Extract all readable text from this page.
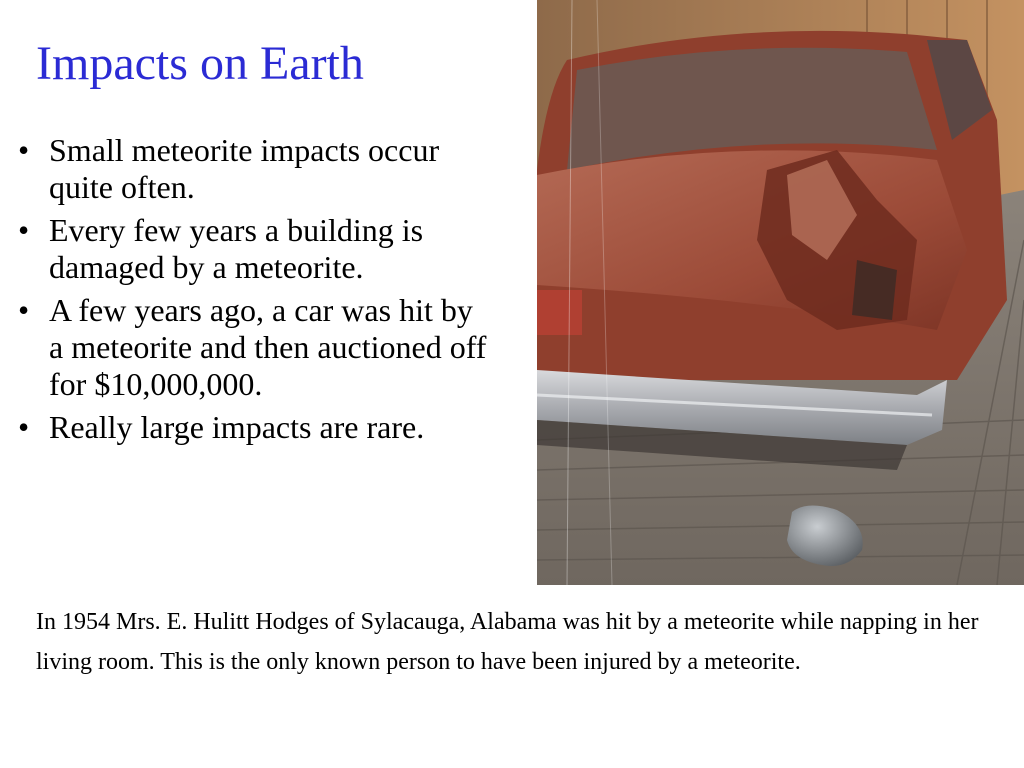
Impacts on Earth
• Small meteorite impacts occur quite often.
• Every few years a building is damaged by a meteorite.
• A few years ago, a car was hit by a meteorite and then auctioned off for $10,000,000.
• Really large impacts are rare.

In 1954 Mrs. E. Hulitt Hodges of Sylacauga, Alabama was hit by a meteorite while napping in her living room. This is the only known person to have been injured by a meteorite.
